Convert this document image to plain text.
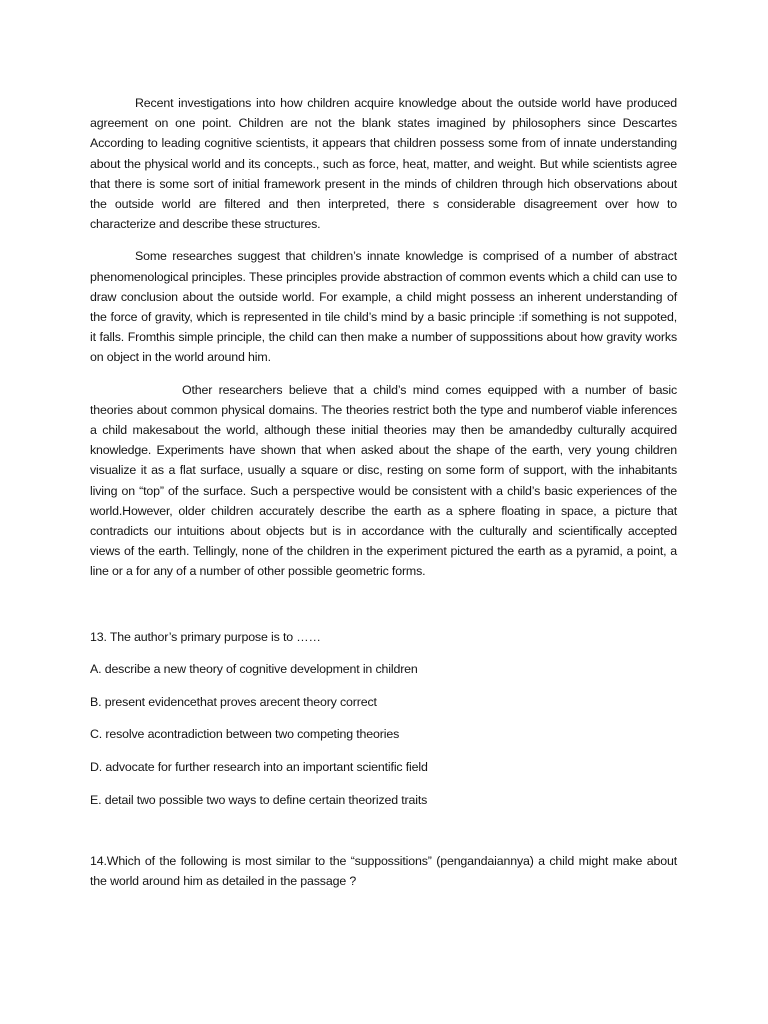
Recent investigations into how children acquire knowledge about the outside world have produced agreement on one point. Children are not the blank states imagined by philosophers since Descartes According to leading cognitive scientists, it appears that children possess some from of innate understanding about the physical world and its concepts., such as force, heat, matter, and weight. But while scientists agree that there is some sort of initial framework present in the minds of children through hich observations about the outside world are filtered and then interpreted, there s considerable disagreement over how to characterize and describe these structures.

Some researches suggest that children’s innate knowledge is comprised of a number of abstract phenomenological principles. These principles provide abstraction of common events which a child can use to draw conclusion about the outside world. For example, a child might possess an inherent understanding of the force of gravity, which is represented in tile child’s mind by a basic principle :if something is not suppoted, it falls. Fromthis simple principle, the child can then make a number of suppossitions about how gravity works on object in the world around him.

Other researchers believe that a child’s mind comes equipped with a number of basic theories about common physical domains. The theories restrict both the type and numberof viable inferences a child makesabout the world, although these initial theories may then be amandedby culturally acquired knowledge. Experiments have shown that when asked about the shape of the earth, very young children visualize it as a flat surface, usually a square or disc, resting on some form of support, with the inhabitants living on “top” of the surface. Such a perspective would be consistent with a child’s basic experiences of the world.However, older children accurately describe the earth as a sphere floating in space, a picture that contradicts our intuitions about objects but is in accordance with the culturally and scientifically accepted views of the earth. Tellingly, none of the children in the experiment pictured the earth as a pyramid, a point, a line or a for any of a number of other possible geometric forms.

13. The author’s primary purpose is to ……

A. describe a new theory of cognitive development in children

B. present evidencethat proves arecent theory correct

C. resolve acontradiction between two competing theories

D. advocate for further research into an important scientific field

E. detail two possible two ways to define certain theorized traits

14.Which of the following is most similar to the “suppossitions” (pengandaiannya) a child might make about the world around him as detailed in the passage ?
